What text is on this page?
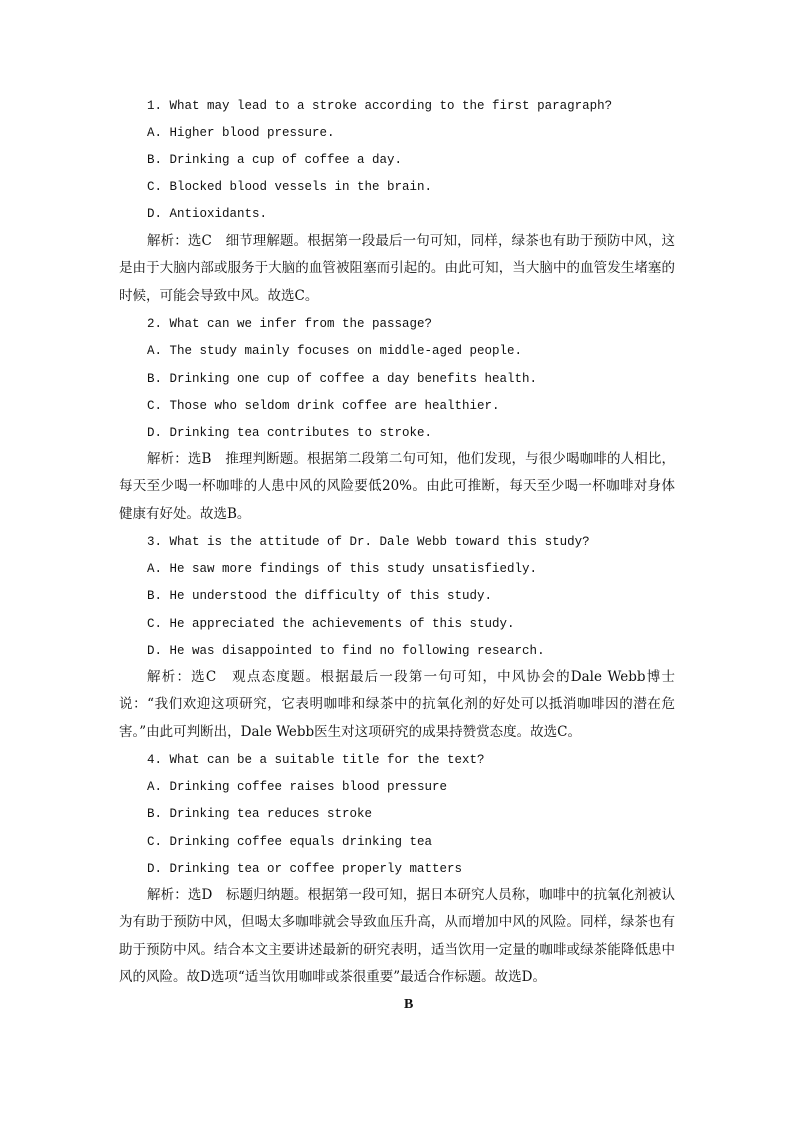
1. What may lead to a stroke according to the first paragraph?
A. Higher blood pressure.
B. Drinking a cup of coffee a day.
C. Blocked blood vessels in the brain.
D. Antioxidants.
解析：选C　细节理解题。根据第一段最后一句可知，同样，绿茶也有助于预防中风，这是由于大脑内部或服务于大脑的血管被阻塞而引起的。由此可知，当大脑中的血管发生堵塞的时候，可能会导致中风。故选C。
2. What can we infer from the passage?
A. The study mainly focuses on middle-aged people.
B. Drinking one cup of coffee a day benefits health.
C. Those who seldom drink coffee are healthier.
D. Drinking tea contributes to stroke.
解析：选B　推理判断题。根据第二段第二句可知，他们发现，与很少喝咖啡的人相比，每天至少喝一杯咖啡的人患中风的风险要低20%。由此可推断，每天至少喝一杯咖啡对身体健康有好处。故选B。
3. What is the attitude of Dr. Dale Webb toward this study?
A. He saw more findings of this study unsatisfiedly.
B. He understood the difficulty of this study.
C. He appreciated the achievements of this study.
D. He was disappointed to find no following research.
解析：选C　观点态度题。根据最后一段第一句可知，中风协会的Dale Webb博士说：“我们欢迎这项研究，它表明咖啡和绿茶中的抗氧化剂的好处可以抵消咖啡因的潜在危害。”由此可判断出，Dale Webb医生对这项研究的成果持赞赏态度。故选C。
4. What can be a suitable title for the text?
A. Drinking coffee raises blood pressure
B. Drinking tea reduces stroke
C. Drinking coffee equals drinking tea
D. Drinking tea or coffee properly matters
解析：选D　标题归纳题。根据第一段可知，据日本研究人员称，咖啡中的抗氧化剂被认为有助于预防中风，但喝太多咖啡就会导致血压升高，从而增加中风的风险。同样，绿茶也有助于预防中风。结合本文主要讲述最新的研究表明，适当饮用一定量的咖啡或绿茶能降低患中风的风险。故D选项“适当饮用咖啡或茶很重要”最适合作标题。故选D。
B
